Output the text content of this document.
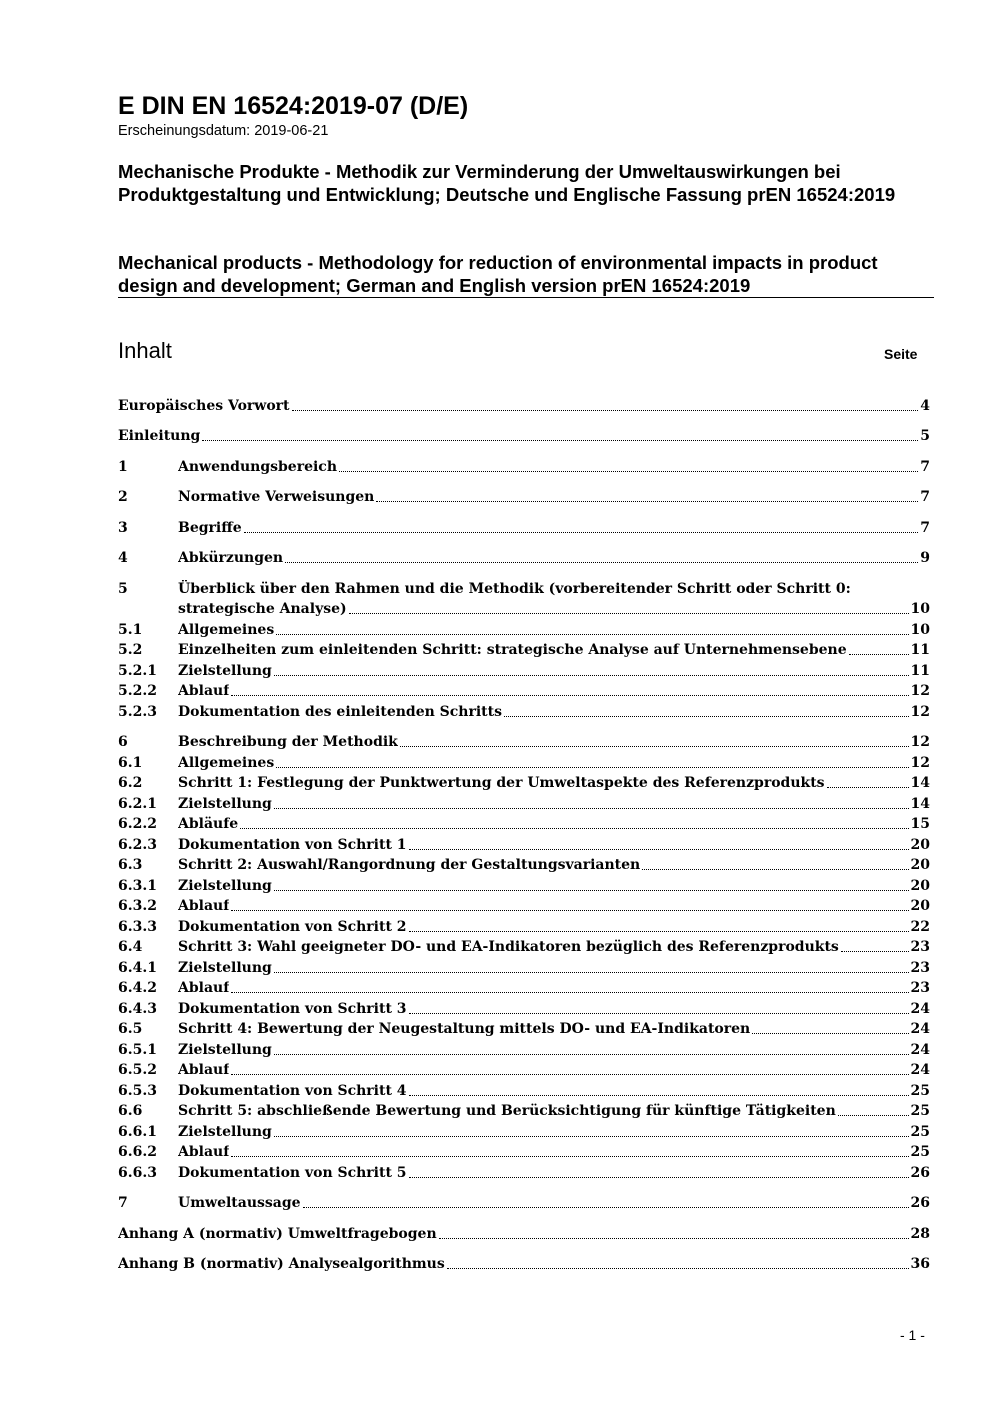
E DIN EN 16524:2019-07 (D/E)
Erscheinungsdatum: 2019-06-21
Mechanische Produkte - Methodik zur Verminderung der Umweltauswirkungen bei Produktgestaltung und Entwicklung; Deutsche und Englische Fassung prEN 16524:2019
Mechanical products - Methodology for reduction of environmental impacts in product design and development; German and English version prEN 16524:2019
Inhalt	Seite
Europäisches Vorwort	4
Einleitung	5
1	Anwendungsbereich	7
2	Normative Verweisungen	7
3	Begriffe	7
4	Abkürzungen	9
5	Überblick über den Rahmen und die Methodik (vorbereitender Schritt oder Schritt 0:
strategische Analyse)	10
5.1	Allgemeines	10
5.2	Einzelheiten zum einleitenden Schritt: strategische Analyse auf Unternehmensebene	11
5.2.1	Zielstellung	11
5.2.2	Ablauf	12
5.2.3	Dokumentation des einleitenden Schritts	12
6	Beschreibung der Methodik	12
6.1	Allgemeines	12
6.2	Schritt 1: Festlegung der Punktwertung der Umweltaspekte des Referenzprodukts	14
6.2.1	Zielstellung	14
6.2.2	Abläufe	15
6.2.3	Dokumentation von Schritt 1	20
6.3	Schritt 2: Auswahl/Rangordnung der Gestaltungsvarianten	20
6.3.1	Zielstellung	20
6.3.2	Ablauf	20
6.3.3	Dokumentation von Schritt 2	22
6.4	Schritt 3: Wahl geeigneter DO- und EA-Indikatoren bezüglich des Referenzprodukts	23
6.4.1	Zielstellung	23
6.4.2	Ablauf	23
6.4.3	Dokumentation von Schritt 3	24
6.5	Schritt 4: Bewertung der Neugestaltung mittels DO- und EA-Indikatoren	24
6.5.1	Zielstellung	24
6.5.2	Ablauf	24
6.5.3	Dokumentation von Schritt 4	25
6.6	Schritt 5: abschließende Bewertung und Berücksichtigung für künftige Tätigkeiten	25
6.6.1	Zielstellung	25
6.6.2	Ablauf	25
6.6.3	Dokumentation von Schritt 5	26
7	Umweltaussage	26
Anhang A (normativ) Umweltfragebogen	28
Anhang B (normativ) Analysealgorithmus	36
- 1 -
